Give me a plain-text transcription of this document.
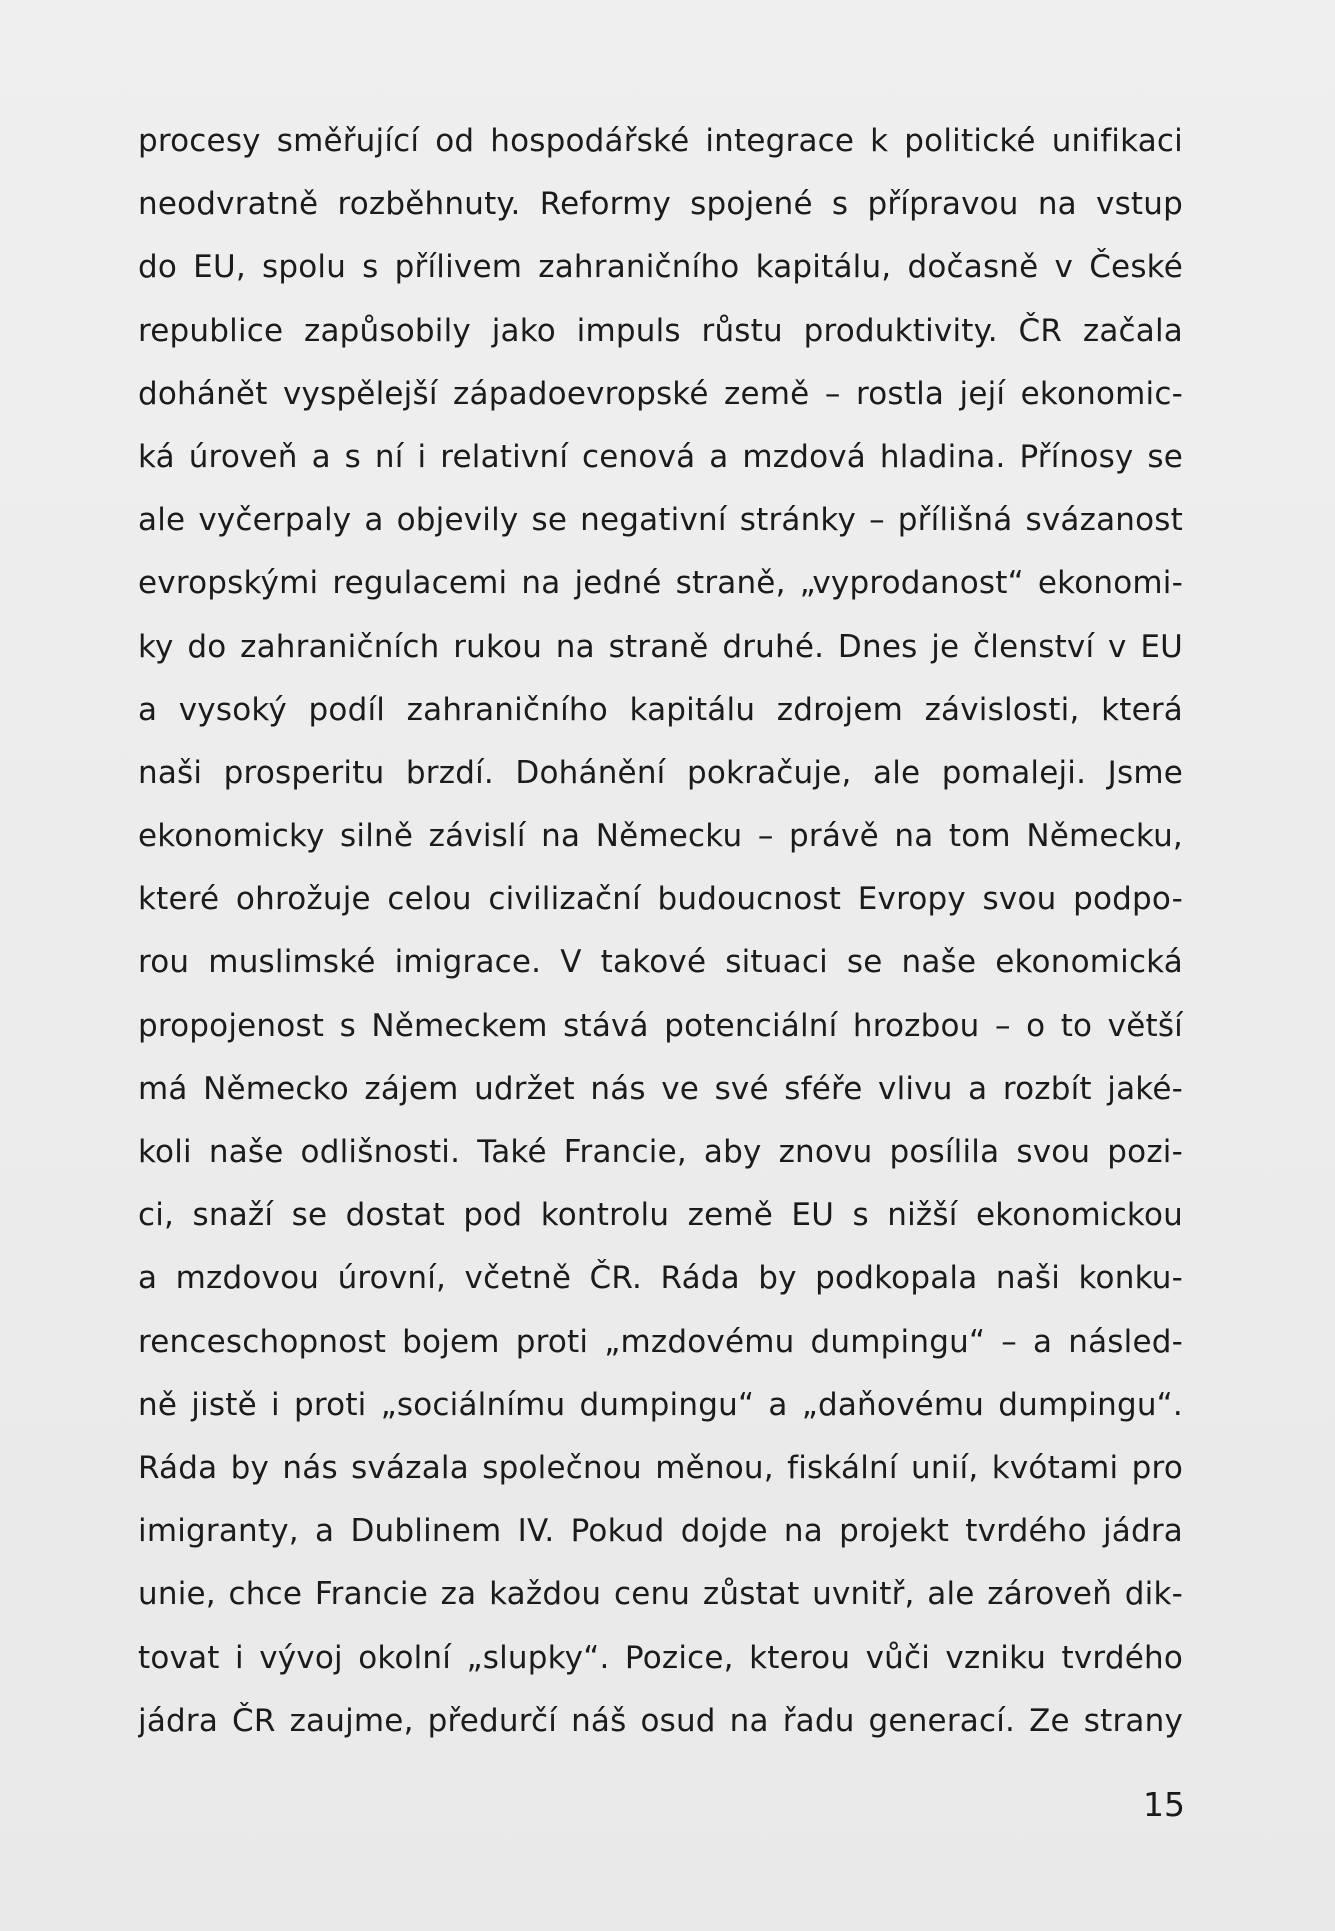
procesy směřující od hospodářské integrace k politické unifikaci
neodvratně rozběhnuty. Reformy spojené s přípravou na vstup
do EU, spolu s přílivem zahraničního kapitálu, dočasně v České
republice zapůsobily jako impuls růstu produktivity. ČR začala
dohánět vyspělejší západoevropské země – rostla její ekonomic-
ká úroveň a s ní i relativní cenová a mzdová hladina. Přínosy se
ale vyčerpaly a objevily se negativní stránky – přílišná svázanost
evropskými regulacemi na jedné straně, „vyprodanost“ ekonomi-
ky do zahraničních rukou na straně druhé. Dnes je členství v EU
a vysoký podíl zahraničního kapitálu zdrojem závislosti, která
naši prosperitu brzdí. Dohánění pokračuje, ale pomaleji. Jsme
ekonomicky silně závislí na Německu – právě na tom Německu,
které ohrožuje celou civilizační budoucnost Evropy svou podpo-
rou muslimské imigrace. V takové situaci se naše ekonomická
propojenost s Německem stává potenciální hrozbou – o to větší
má Německo zájem udržet nás ve své sféře vlivu a rozbít jaké-
koli naše odlišnosti. Také Francie, aby znovu posílila svou pozi-
ci, snaží se dostat pod kontrolu země EU s nižší ekonomickou
a mzdovou úrovní, včetně ČR. Ráda by podkopala naši konku-
renceschopnost bojem proti „mzdovému dumpingu“ – a násled-
ně jistě i proti „sociálnímu dumpingu“ a „daňovému dumpingu“.
Ráda by nás svázala společnou měnou, fiskální unií, kvótami pro
imigranty, a Dublinem IV. Pokud dojde na projekt tvrdého jádra
unie, chce Francie za každou cenu zůstat uvnitř, ale zároveň dik-
tovat i vývoj okolní „slupky“. Pozice, kterou vůči vzniku tvrdého
jádra ČR zaujme, předurčí náš osud na řadu generací. Ze strany
15
